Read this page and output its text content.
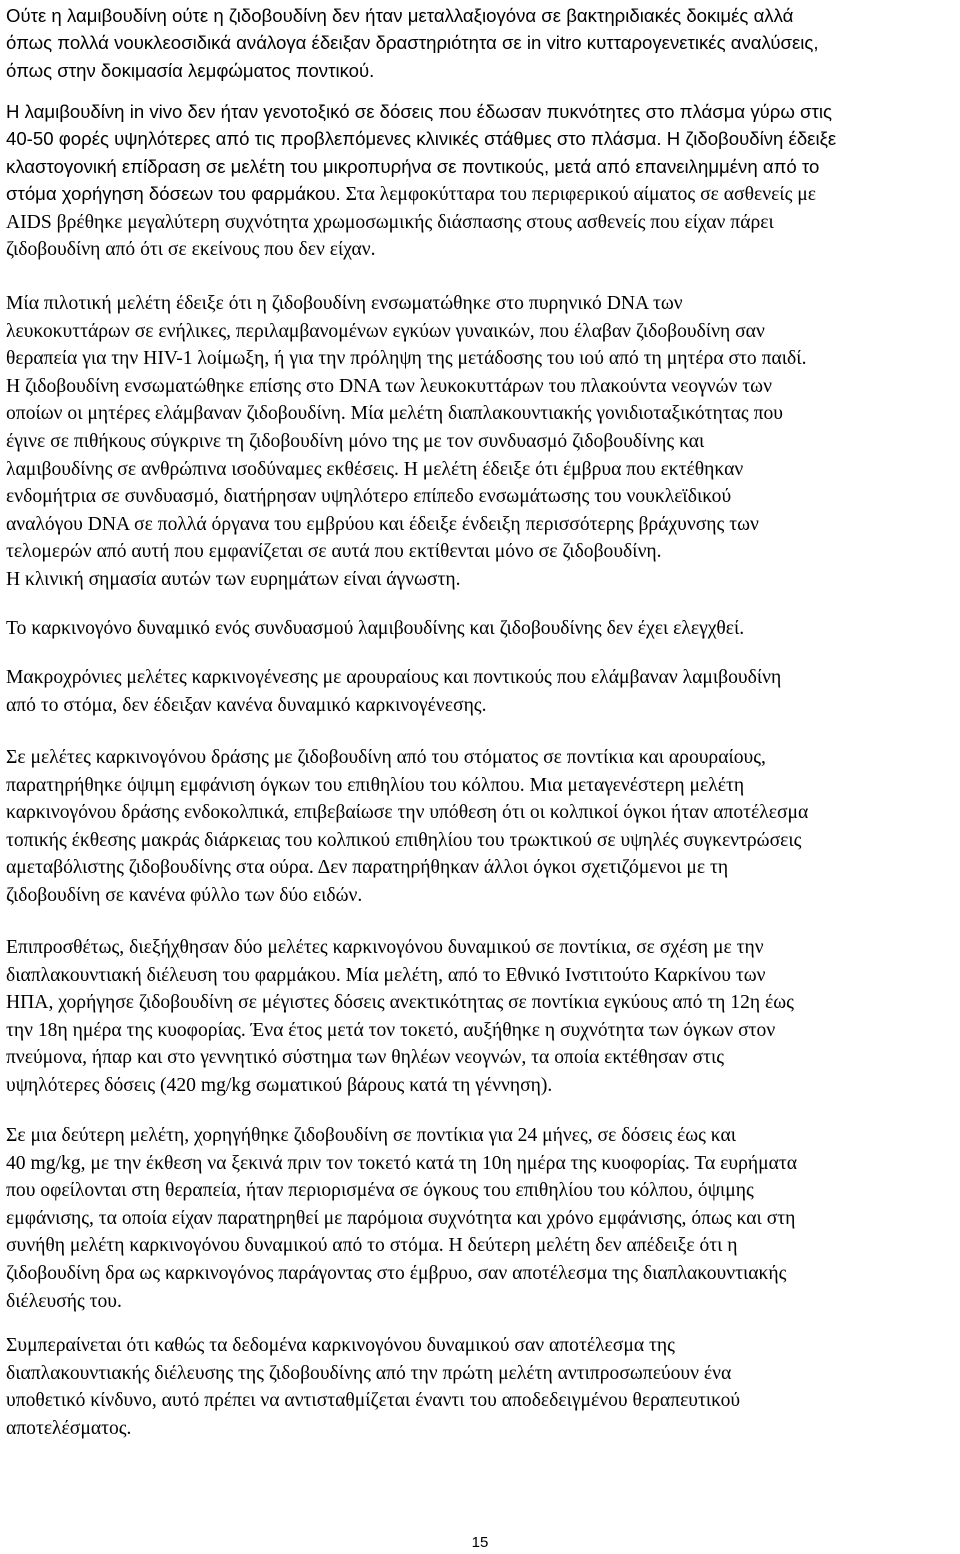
Ούτε η λαμιβουδίνη ούτε η ζιδοβουδίνη δεν ήταν μεταλλαξιογόνα σε βακτηριδιακές δοκιμές αλλά
όπως πολλά νουκλεοσιδικά ανάλογα έδειξαν δραστηριότητα σε in vitro κυτταρογενετικές αναλύσεις,
όπως στην δοκιμασία λεμφώματος ποντικού.
Η λαμιβουδίνη in vivo δεν ήταν γενοτοξικό σε δόσεις που έδωσαν πυκνότητες στο πλάσμα γύρω στις
40-50 φορές υψηλότερες από τις προβλεπόμενες κλινικές στάθμες στο πλάσμα. Η ζιδοβουδίνη έδειξε
κλαστογονική επίδραση σε μελέτη του μικροπυρήνα σε ποντικούς, μετά από επανειλημμένη από το
στόμα χορήγηση δόσεων του φαρμάκου. Στα λεμφοκύτταρα του περιφερικού αίματος σε ασθενείς με
AIDS βρέθηκε μεγαλύτερη συχνότητα χρωμοσωμικής διάσπασης στους ασθενείς που είχαν πάρει
ζιδοβουδίνη από ότι σε εκείνους που δεν είχαν.
Μία πιλοτική μελέτη έδειξε ότι η ζιδοβουδίνη ενσωματώθηκε στο πυρηνικό DNA των
λευκοκυττάρων σε ενήλικες, περιλαμβανομένων εγκύων γυναικών, που έλαβαν ζιδοβουδίνη σαν
θεραπεία για την HIV-1 λοίμωξη, ή για την πρόληψη της μετάδοσης του ιού από τη μητέρα στο παιδί.
Η ζιδοβουδίνη ενσωματώθηκε επίσης στο DNA των λευκοκυττάρων του πλακούντα νεογνών των
οποίων οι μητέρες ελάμβαναν ζιδοβουδίνη. Μία μελέτη διαπλακουντιακής γονιδιοταξικότητας που
έγινε σε πιθήκους σύγκρινε τη ζιδοβουδίνη μόνο της με τον συνδυασμό ζιδοβουδίνης και
λαμιβουδίνης σε ανθρώπινα ισοδύναμες εκθέσεις. Η μελέτη έδειξε ότι έμβρυα που εκτέθηκαν
ενδομήτρια σε συνδυασμό, διατήρησαν υψηλότερο επίπεδο ενσωμάτωσης του νουκλεϊδικού
αναλόγου DNA σε πολλά όργανα του εμβρύου και έδειξε ένδειξη περισσότερης βράχυνσης των
τελομερών από αυτή που εμφανίζεται σε αυτά που εκτίθενται μόνο σε ζιδοβουδίνη.
Η κλινική σημασία αυτών των ευρημάτων είναι άγνωστη.
Το καρκινογόνο δυναμικό ενός συνδυασμού λαμιβουδίνης και ζιδοβουδίνης δεν έχει ελεγχθεί.
Μακροχρόνιες μελέτες καρκινογένεσης με αρουραίους και ποντικούς που ελάμβαναν λαμιβουδίνη
από το στόμα, δεν έδειξαν κανένα δυναμικό καρκινογένεσης.
Σε μελέτες καρκινογόνου δράσης με ζιδοβουδίνη από του στόματος σε ποντίκια και αρουραίους,
παρατηρήθηκε όψιμη εμφάνιση όγκων του επιθηλίου του κόλπου. Μια μεταγενέστερη μελέτη
καρκινογόνου δράσης ενδοκολπικά, επιβεβαίωσε την υπόθεση ότι οι κολπικοί όγκοι ήταν αποτέλεσμα
τοπικής έκθεσης μακράς διάρκειας του κολπικού επιθηλίου του τρωκτικού σε υψηλές συγκεντρώσεις
αμεταβόλιστης ζιδοβουδίνης στα ούρα. Δεν παρατηρήθηκαν άλλοι όγκοι σχετιζόμενοι με τη
ζιδοβουδίνη σε κανένα φύλλο των δύο ειδών.
Επιπροσθέτως, διεξήχθησαν δύο μελέτες καρκινογόνου δυναμικού σε ποντίκια, σε σχέση με την
διαπλακουντιακή διέλευση του φαρμάκου. Μία μελέτη, από το Εθνικό Ινστιτούτο Καρκίνου των
ΗΠΑ, χορήγησε ζιδοβουδίνη σε μέγιστες δόσεις ανεκτικότητας σε ποντίκια εγκύους από τη 12η έως
την 18η ημέρα της κυοφορίας. Ένα έτος μετά τον τοκετό, αυξήθηκε η συχνότητα των όγκων στον
πνεύμονα, ήπαρ και στο γεννητικό σύστημα των θηλέων νεογνών, τα οποία εκτέθησαν στις
υψηλότερες δόσεις (420 mg/kg σωματικού βάρους κατά τη γέννηση).
Σε μια δεύτερη μελέτη, χορηγήθηκε ζιδοβουδίνη σε ποντίκια για 24 μήνες, σε δόσεις έως και
40 mg/kg, με την έκθεση να ξεκινά πριν τον τοκετό κατά τη 10η ημέρα της κυοφορίας. Τα ευρήματα
που οφείλονται στη θεραπεία, ήταν περιορισμένα σε όγκους του επιθηλίου του κόλπου, όψιμης
εμφάνισης, τα οποία είχαν παρατηρηθεί με παρόμοια συχνότητα και χρόνο εμφάνισης, όπως και στη
συνήθη μελέτη καρκινογόνου δυναμικού από το στόμα. Η δεύτερη μελέτη δεν απέδειξε ότι η
ζιδοβουδίνη δρα ως καρκινογόνος παράγοντας στο έμβρυο, σαν αποτέλεσμα της διαπλακουντιακής
διέλευσής του.
Συμπεραίνεται ότι καθώς τα δεδομένα καρκινογόνου δυναμικού σαν αποτέλεσμα της
διαπλακουντιακής διέλευσης της ζιδοβουδίνης από την πρώτη μελέτη αντιπροσωπεύουν ένα
υποθετικό κίνδυνο, αυτό πρέπει να αντισταθμίζεται έναντι του αποδεδειγμένου θεραπευτικού
αποτελέσματος.
15
